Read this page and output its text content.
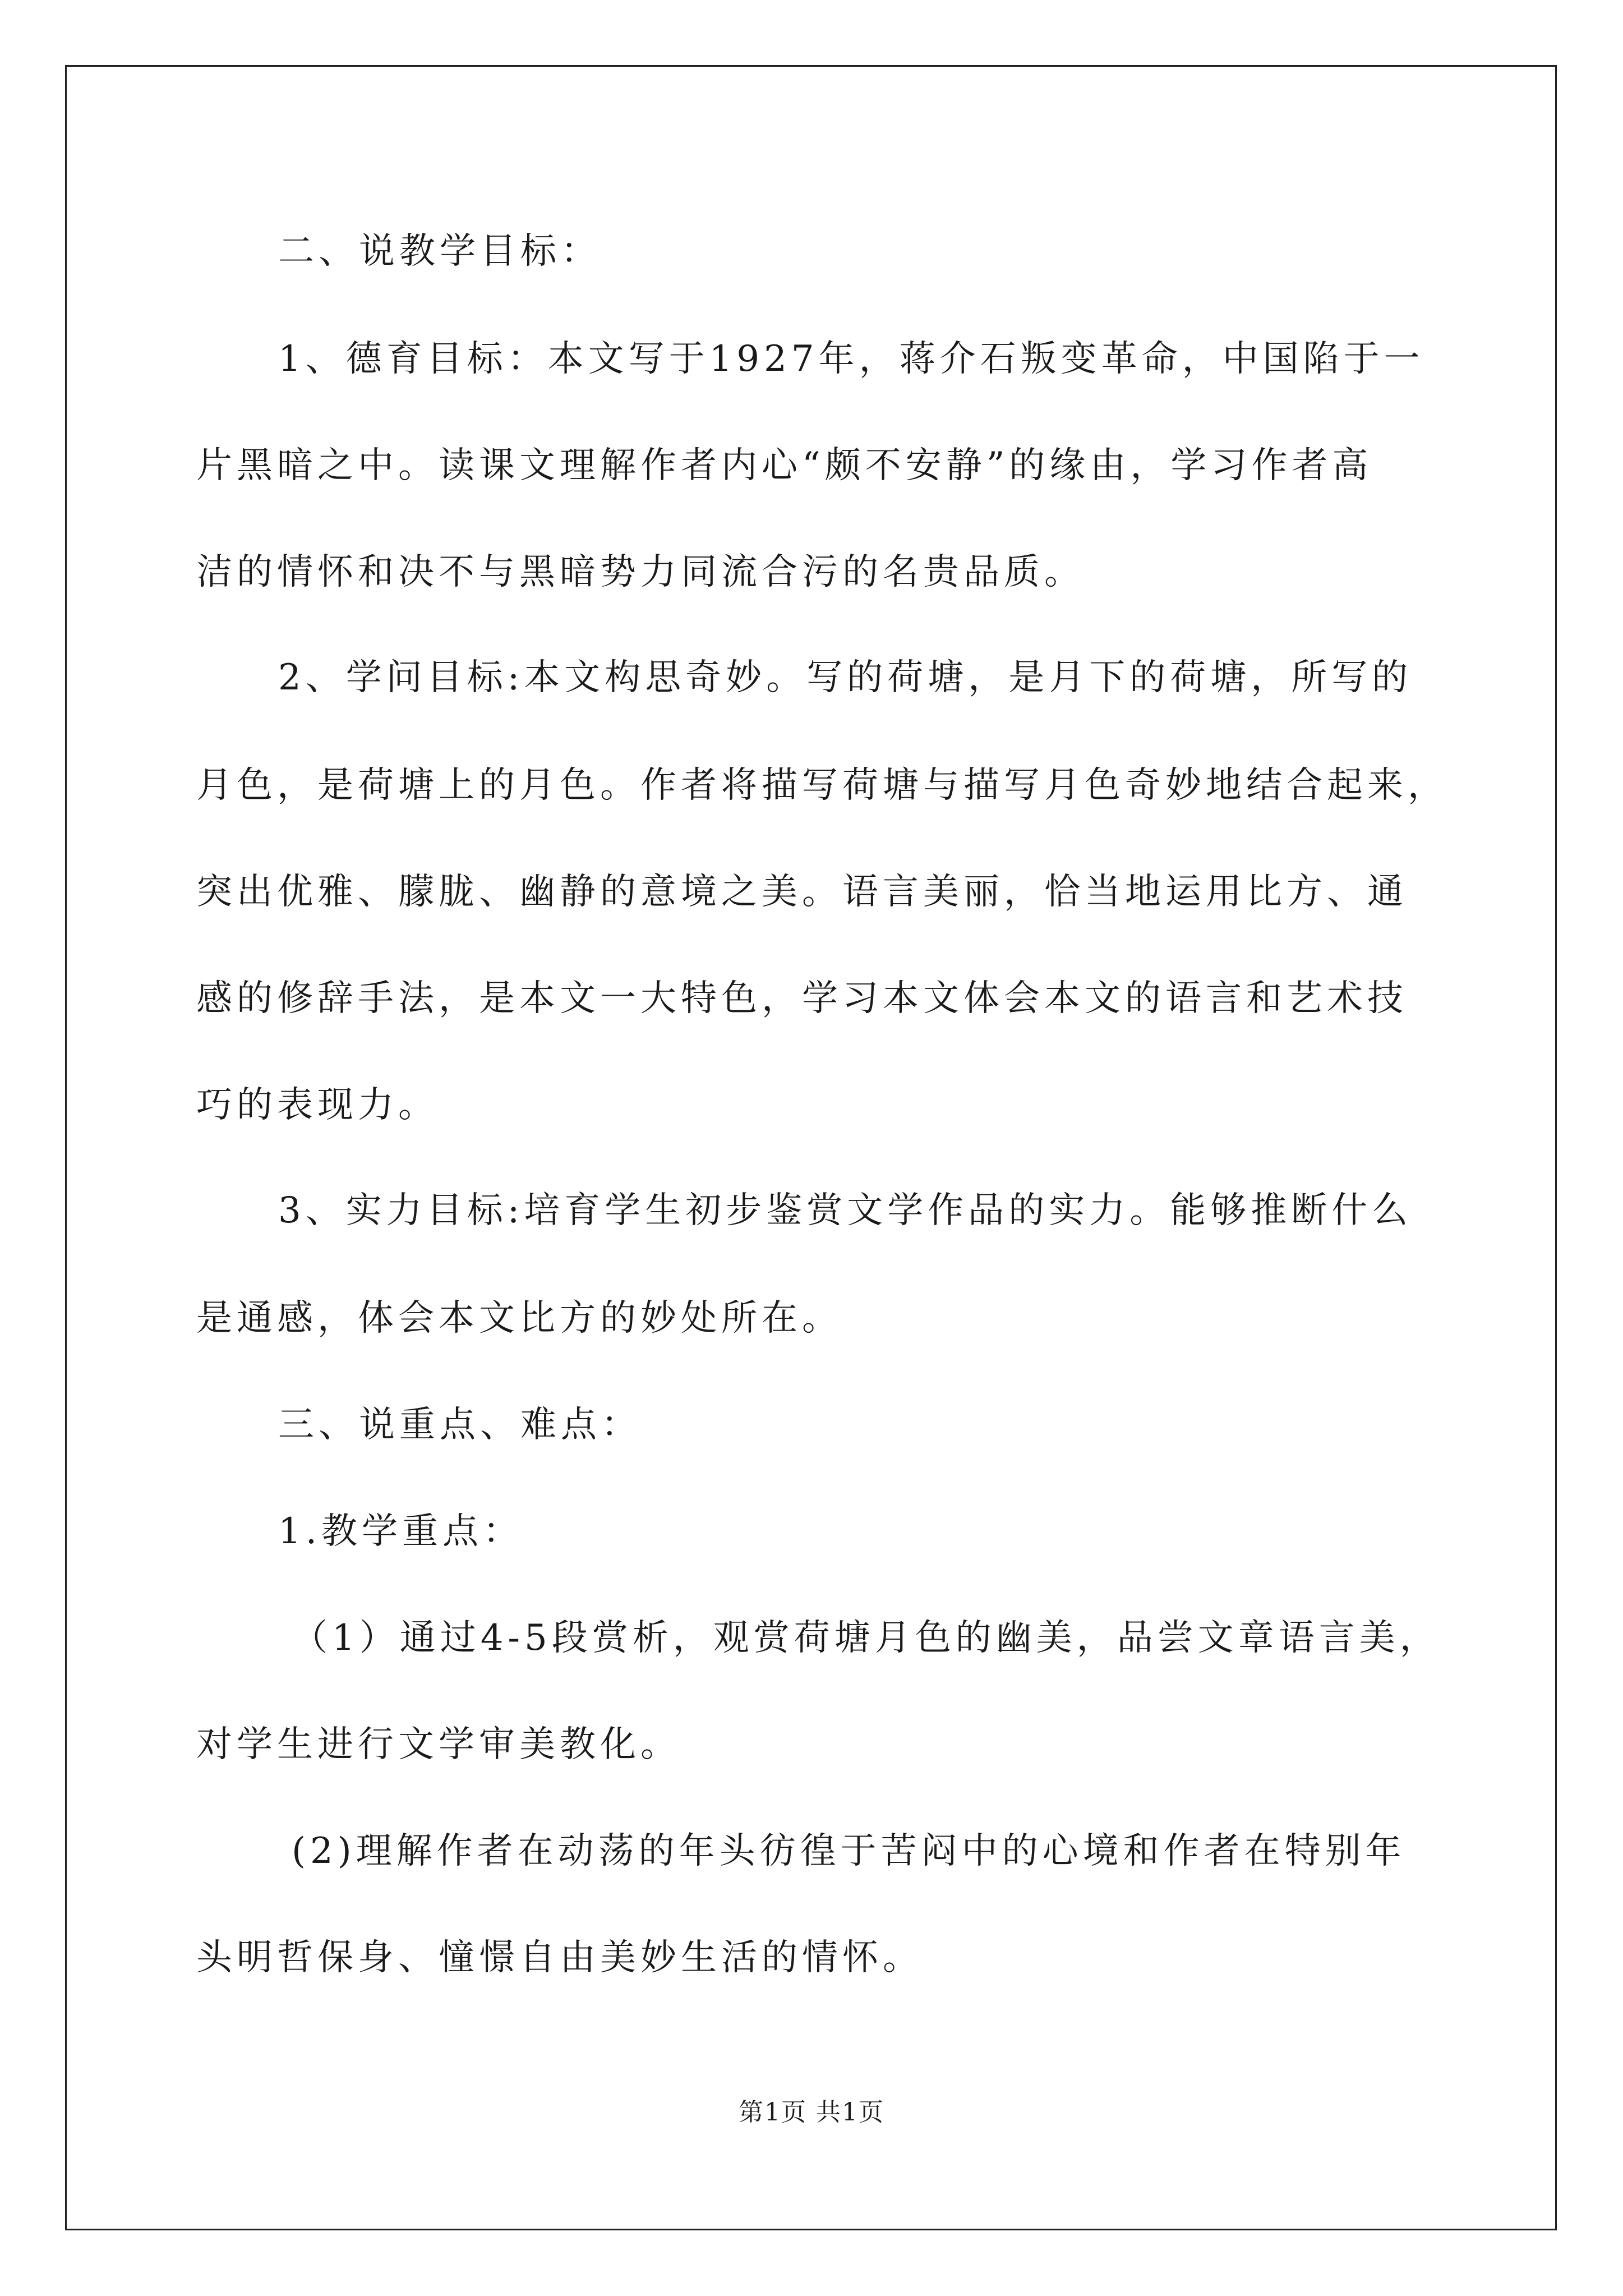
二、说教学目标：
1、德育目标：本文写于1927年，蒋介石叛变革命，中国陷于一
片黑暗之中。读课文理解作者内心“颇不安静”的缘由，学习作者高
洁的情怀和决不与黑暗势力同流合污的名贵品质。
2、学问目标:本文构思奇妙。写的荷塘，是月下的荷塘，所写的
月色，是荷塘上的月色。作者将描写荷塘与描写月色奇妙地结合起来，
突出优雅、朦胧、幽静的意境之美。语言美丽，恰当地运用比方、通
感的修辞手法，是本文一大特色，学习本文体会本文的语言和艺术技
巧的表现力。
3、实力目标:培育学生初步鉴赏文学作品的实力。能够推断什么
是通感，体会本文比方的妙处所在。
三、说重点、难点：
1.教学重点：
（1）通过4-5段赏析，观赏荷塘月色的幽美，品尝文章语言美，
对学生进行文学审美教化。
(2)理解作者在动荡的年头彷徨于苦闷中的心境和作者在特别年
头明哲保身、憧憬自由美妙生活的情怀。
第1页 共1页
